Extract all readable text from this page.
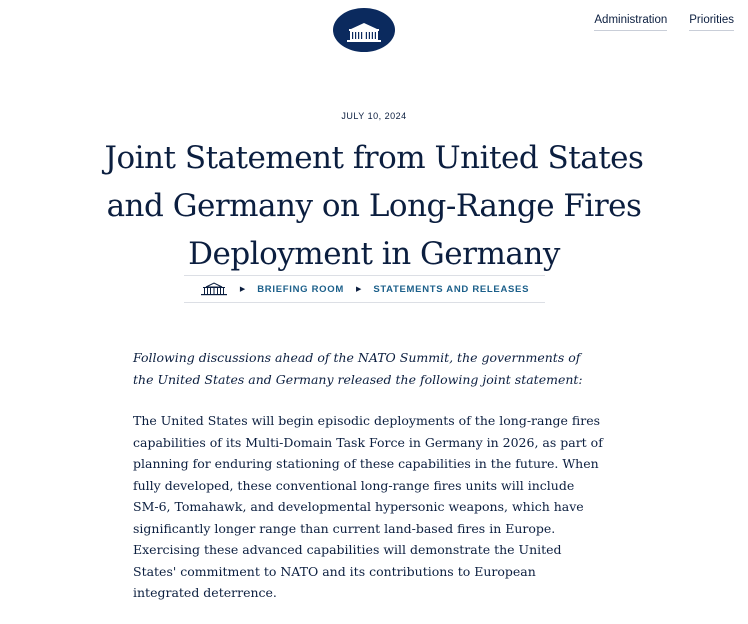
Administration Priorities
JULY 10, 2024
Joint Statement from United States
and Germany on Long-Range Fires
Deployment in Germany
▶ BRIEFING ROOM ▶ STATEMENTS AND RELEASES

Following discussions ahead of the NATO Summit, the governments of the United States and Germany released the following joint statement:

The United States will begin episodic deployments of the long-range fires capabilities of its Multi-Domain Task Force in Germany in 2026, as part of planning for enduring stationing of these capabilities in the future. When fully developed, these conventional long-range fires units will include SM-6, Tomahawk, and developmental hypersonic weapons, which have significantly longer range than current land-based fires in Europe. Exercising these advanced capabilities will demonstrate the United States' commitment to NATO and its contributions to European integrated deterrence.
